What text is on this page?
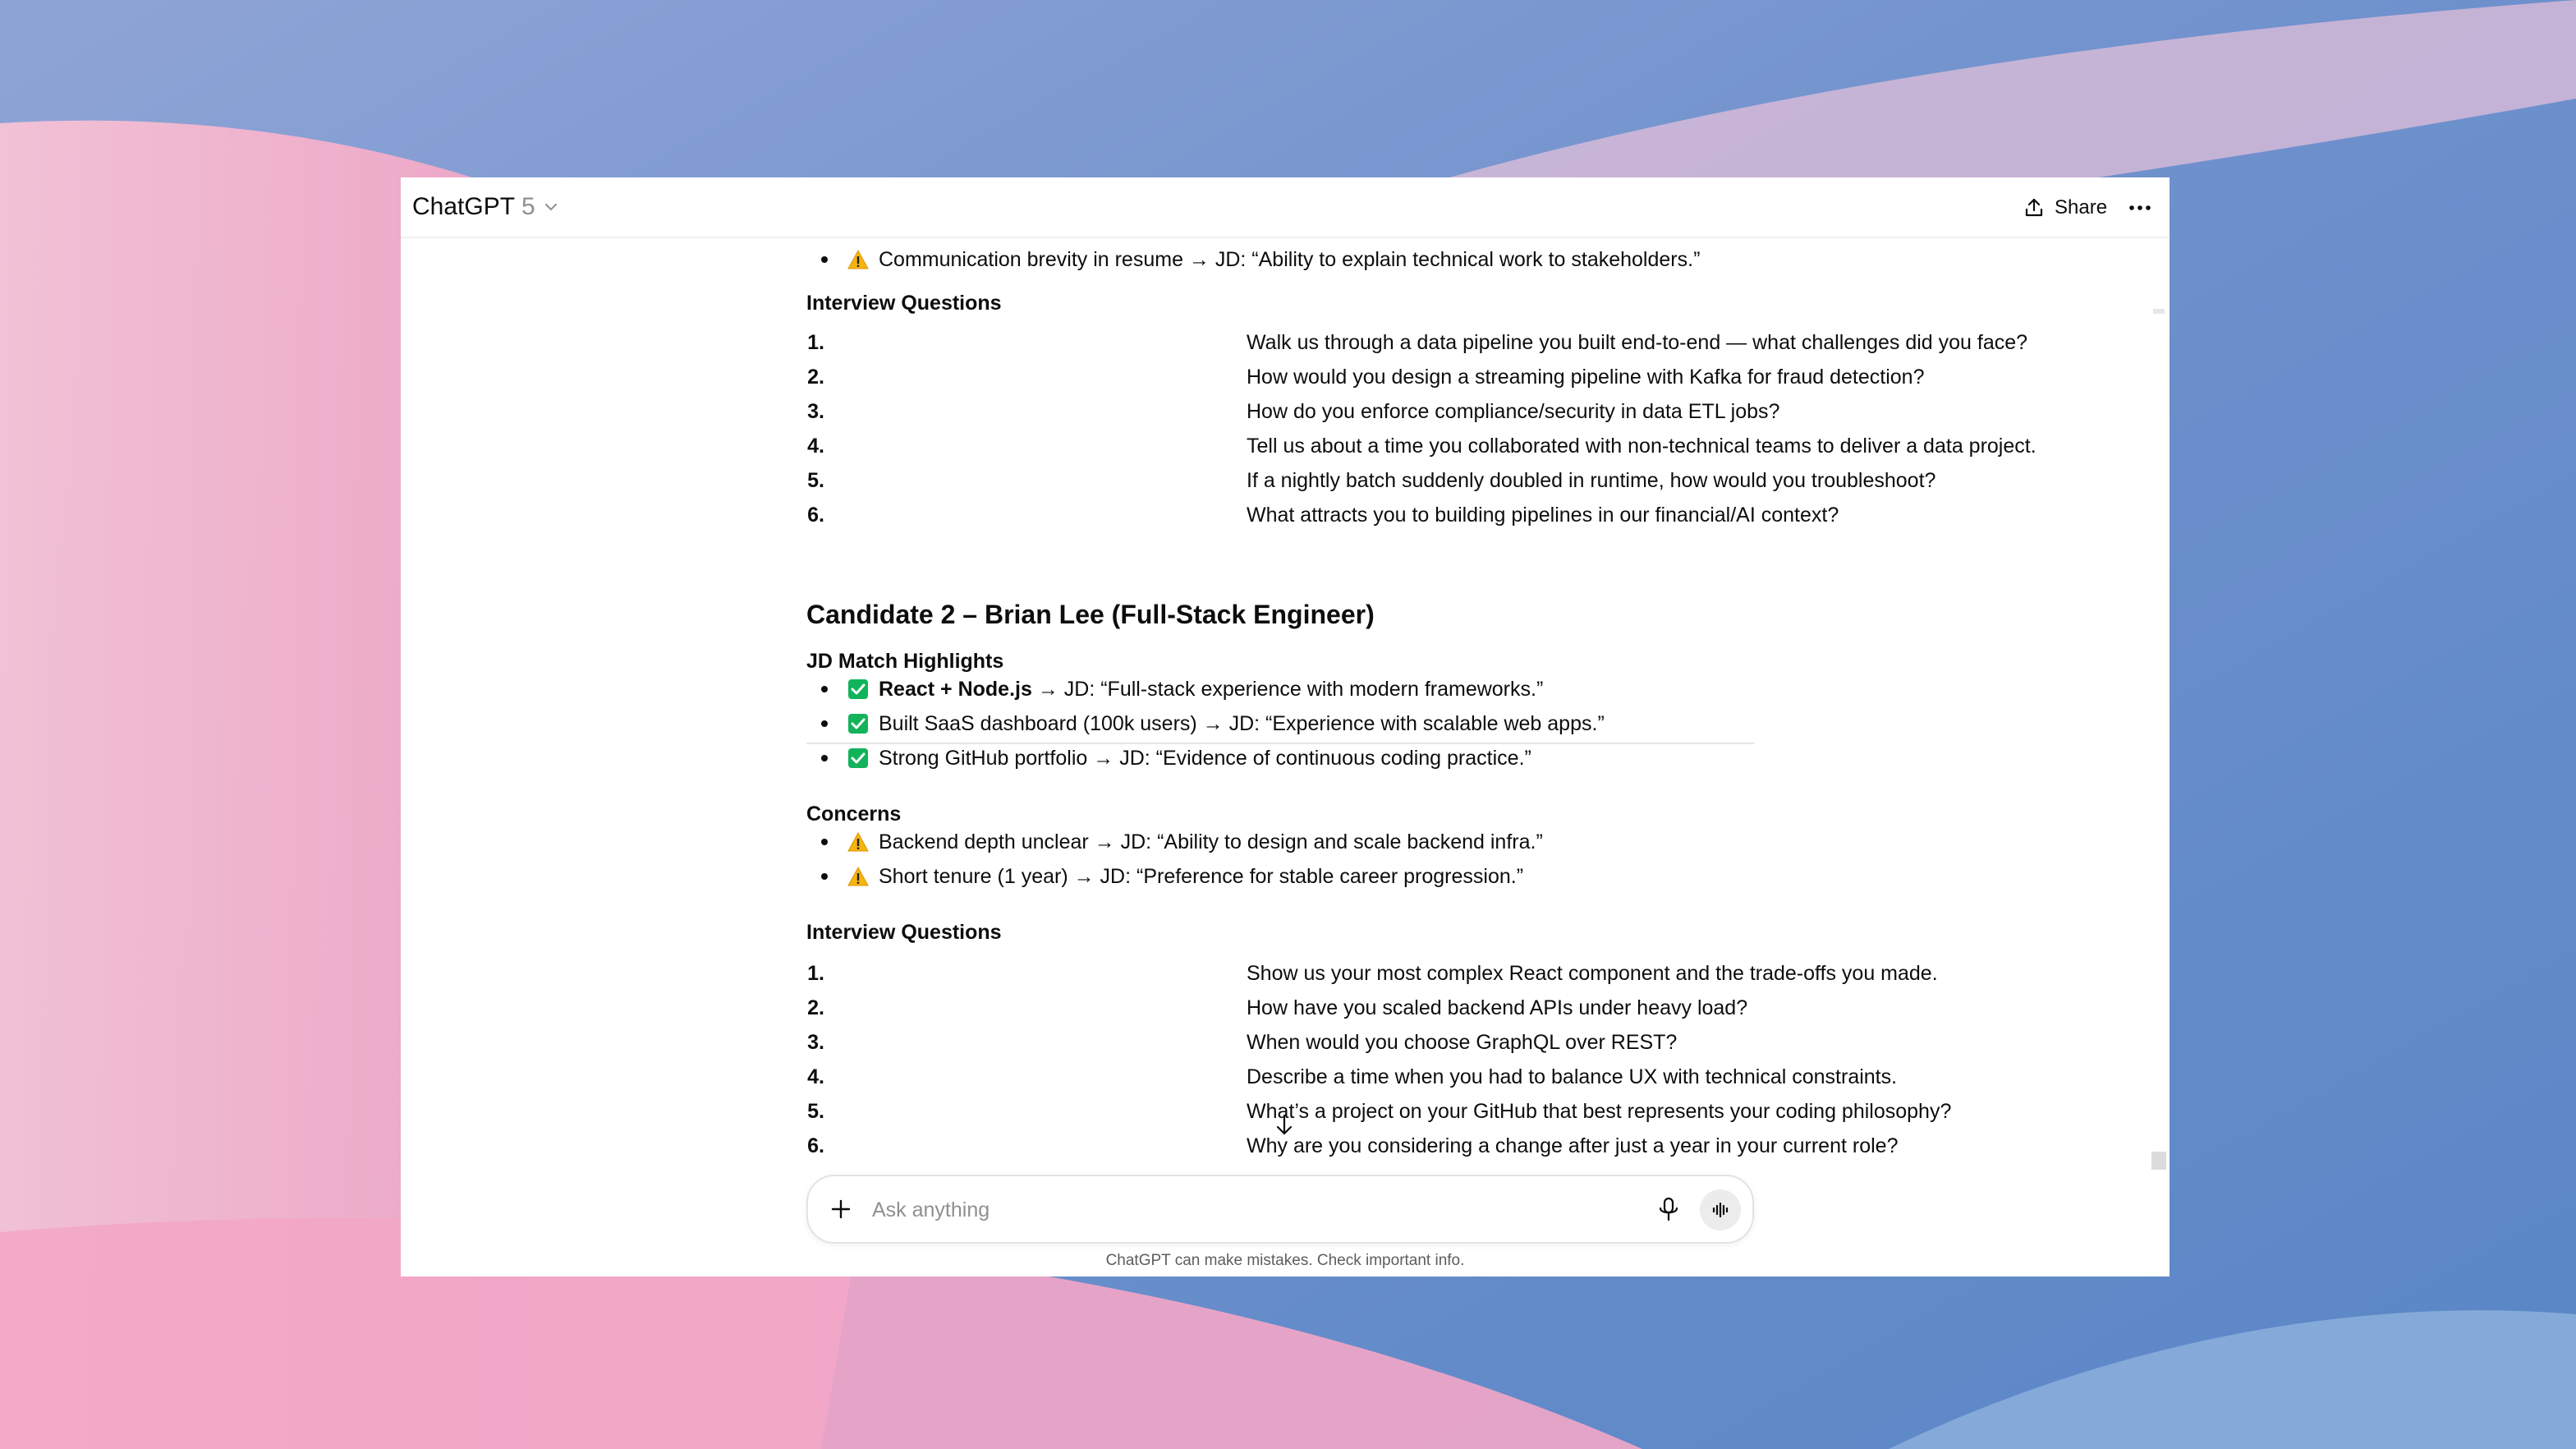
ChatGPT 5	Share
Communication brevity in resume → JD: “Ability to explain technical work to stakeholders.”
Interview Questions
1.	Walk us through a data pipeline you built end-to-end — what challenges did you face?
2.	How would you design a streaming pipeline with Kafka for fraud detection?
3.	How do you enforce compliance/security in data ETL jobs?
4.	Tell us about a time you collaborated with non-technical teams to deliver a data project.
5.	If a nightly batch suddenly doubled in runtime, how would you troubleshoot?
6.	What attracts you to building pipelines in our financial/AI context?
Candidate 2 – Brian Lee (Full-Stack Engineer)
JD Match Highlights
React + Node.js → JD: “Full-stack experience with modern frameworks.”
Built SaaS dashboard (100k users) → JD: “Experience with scalable web apps.”
Strong GitHub portfolio → JD: “Evidence of continuous coding practice.”
Concerns
Backend depth unclear → JD: “Ability to design and scale backend infra.”
Short tenure (1 year) → JD: “Preference for stable career progression.”
Interview Questions
1.	Show us your most complex React component and the trade-offs you made.
2.	How have you scaled backend APIs under heavy load?
3.	When would you choose GraphQL over REST?
4.	Describe a time when you had to balance UX with technical constraints.
5.	What’s a project on your GitHub that best represents your coding philosophy?
6.	Why are you considering a change after just a year in your current role?
Ask anything
ChatGPT can make mistakes. Check important info.
